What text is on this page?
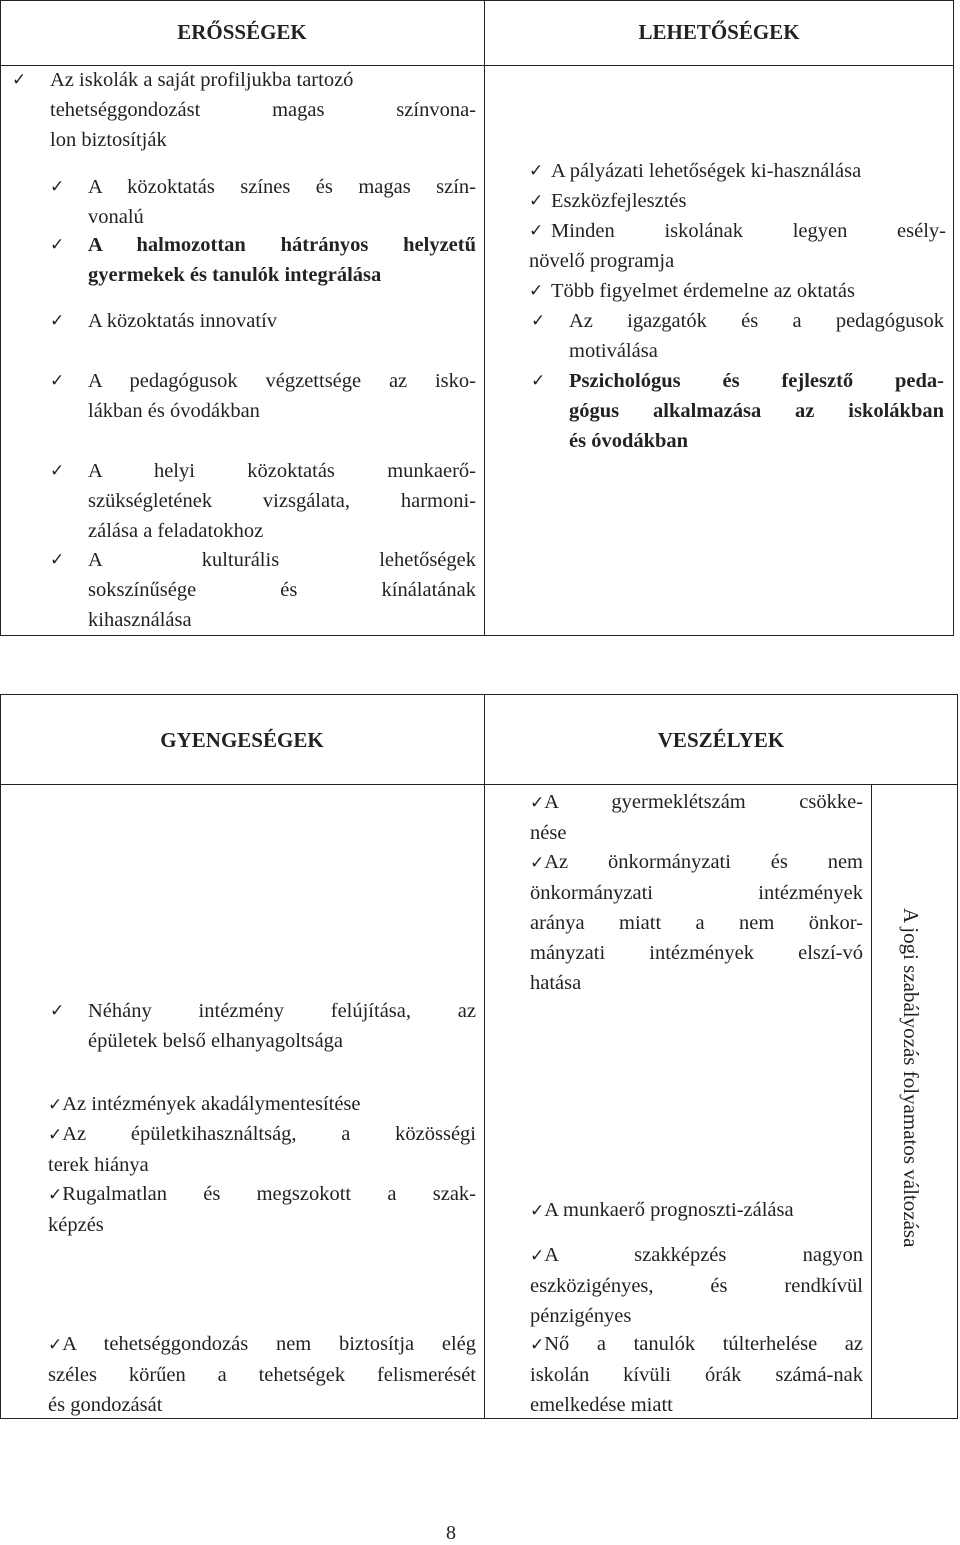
ERŐSSÉGEK	LEHETŐSÉGEK
✓ Az iskolák a saját profiljukba tartozó
tehetséggondozást magas színvona-
lon biztosítják
✓ A közoktatás színes és magas szín-
vonalú
✓ A halmozottan hátrányos helyzetű
gyermekek és tanulók integrálása
✓ A közoktatás innovatív
✓ A pedagógusok végzettsége az isko-
lákban és óvodákban
✓ A helyi közoktatás munkaerő-
szükségletének vizsgálata, harmoni-
zálása a feladatokhoz
✓ A kulturális lehetőségek
sokszínűsége és kínálatának
kihasználása
✓ A pályázati lehetőségek ki-használása
✓ Eszközfejlesztés
✓ Minden iskolának legyen esély-
növelő programja
✓ Több figyelmet érdemelne az oktatás
✓ Az igazgatók és a pedagógusok
motiválása
✓ Pszichológus és fejlesztő peda-
gógus alkalmazása az iskolákban
és óvodákban
GYENGESÉGEK	VESZÉLYEK
✓ Néhány intézmény felújítása, az
épületek belső elhanyagoltsága
✓Az intézmények akadálymentesítése
✓Az épületkihasználtság, a közösségi
terek hiánya
✓Rugalmatlan és megszokott a szak-
képzés
✓A tehetséggondozás nem biztosítja elég
széles körűen a tehetségek felismerését
és gondozását
✓A gyermeklétszám csökke-
nése
✓Az önkormányzati és nem
önkormányzati intézmények
aránya miatt a nem önkor-
mányzati intézmények elszí-vó
hatása
✓A munkaerő prognoszti-zálása
✓A szakképzés nagyon
eszközigényes, és rendkívül
pénzigényes
✓Nő a tanulók túlterhelése az
iskolán kívüli órák számá-nak
emelkedése miatt
A jogi szabályozás folyamatos változása
8
